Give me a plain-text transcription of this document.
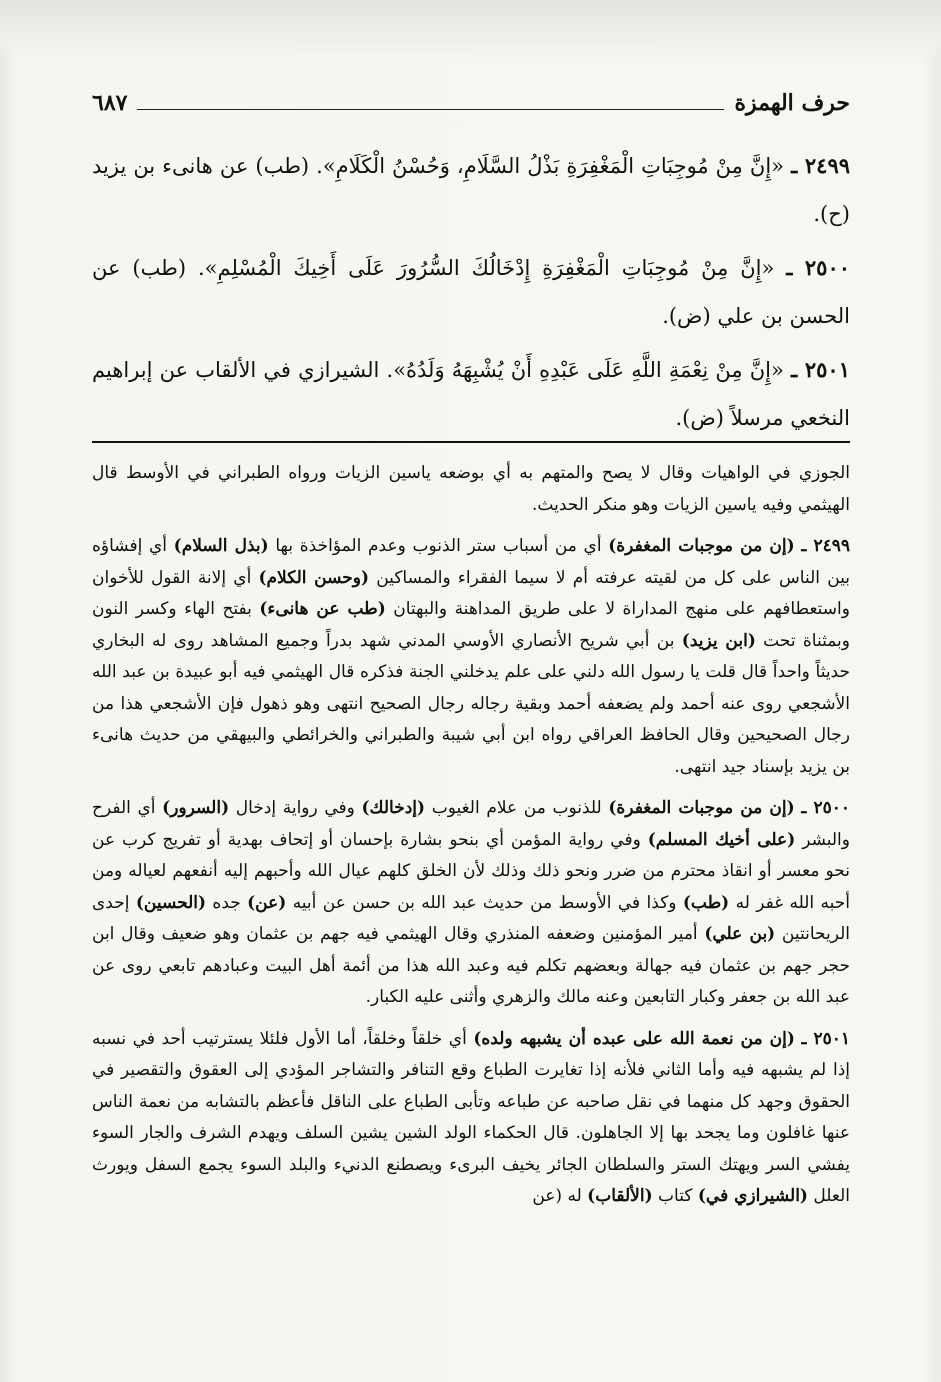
حرف الهمزة
٦٨٧

٢٤٩٩ ـ «إِنَّ مِنْ مُوجِبَاتِ الْمَغْفِرَةِ بَذْلُ السَّلَامِ، وَحُسْنُ الْكَلَامِ». (طب) عن هانىء بن يزيد (ح).

٢٥٠٠ ـ «إِنَّ مِنْ مُوجِبَاتِ الْمَغْفِرَةِ إِدْخَالُكَ السُّرُورَ عَلَى أَخِيكَ الْمُسْلِمِ». (طب) عن الحسن بن علي (ض).

٢٥٠١ ـ «إِنَّ مِنْ نِعْمَةِ اللَّهِ عَلَى عَبْدِهِ أَنْ يُشْبِهَهُ وَلَدُهُ». الشيرازي في الألقاب عن إبراهيم النخعي مرسلاً (ض).

الجوزي في الواهيات وقال لا يصح والمتهم به أي بوضعه ياسين الزيات ورواه الطبراني في الأوسط قال الهيثمي وفيه ياسين الزيات وهو منكر الحديث.

٢٤٩٩ ـ (إن من موجبات المغفرة) أي من أسباب ستر الذنوب وعدم المؤاخذة بها (بذل السلام) أي إفشاؤه بين الناس على كل من لقيته عرفته أم لا سيما الفقراء والمساكين (وحسن الكلام) أي إلانة القول للأخوان واستعطافهم على منهج المداراة لا على طريق المداهنة والبهتان (طب عن هانىء) بفتح الهاء وكسر النون وبمثناة تحت (ابن يزيد) بن أبي شريح الأنصاري الأوسي المدني شهد بدراً وجميع المشاهد روى له البخاري حديثاً واحداً قال قلت يا رسول الله دلني على علم يدخلني الجنة فذكره قال الهيثمي فيه أبو عبيدة بن عبد الله الأشجعي روى عنه أحمد ولم يضعفه أحمد وبقية رجاله رجال الصحيح انتهى وهو ذهول فإن الأشجعي هذا من رجال الصحيحين وقال الحافظ العراقي رواه ابن أبي شيبة والطبراني والخرائطي والبيهقي من حديث هانىء بن يزيد بإسناد جيد انتهى.

٢٥٠٠ ـ (إن من موجبات المغفرة) للذنوب من علام الغيوب (إدخالك) وفي رواية إدخال (السرور) أي الفرح والبشر (على أخيك المسلم) وفي رواية المؤمن أي بنحو بشارة بإحسان أو إتحاف بهدية أو تفريج كرب عن نحو معسر أو انقاذ محترم من ضرر ونحو ذلك وذلك لأن الخلق كلهم عيال الله وأحبهم إليه أنفعهم لعياله ومن أحبه الله غفر له (طب) وكذا في الأوسط من حديث عبد الله بن حسن عن أبيه (عن) جده (الحسين) إحدى الريحانتين (بن علي) أمير المؤمنين وضعفه المنذري وقال الهيثمي فيه جهم بن عثمان وهو ضعيف وقال ابن حجر جهم بن عثمان فيه جهالة وبعضهم تكلم فيه وعبد الله هذا من أئمة أهل البيت وعبادهم تابعي روى عن عبد الله بن جعفر وكبار التابعين وعنه مالك والزهري وأثنى عليه الكبار.

٢٥٠١ ـ (إن من نعمة الله على عبده أن يشبهه ولده) أي خلقاً وخلقاً، أما الأول فلئلا يسترتيب أحد في نسبه إذا لم يشبهه فيه وأما الثاني فلأنه إذا تغايرت الطباع وقع التنافر والتشاجر المؤدي إلى العقوق والتقصير في الحقوق وجهد كل منهما في نقل صاحبه عن طباعه وتأبى الطباع على الناقل فأعظم بالتشابه من نعمة الناس عنها غافلون وما يجحد بها إلا الجاهلون. قال الحكماء الولد الشين يشين السلف ويهدم الشرف والجار السوء يفشي السر ويهتك الستر والسلطان الجائر يخيف البرىء ويصطنع الدنيء والبلد السوء يجمع السفل ويورث العلل (الشيرازي في) كتاب (الألقاب) له (عن
